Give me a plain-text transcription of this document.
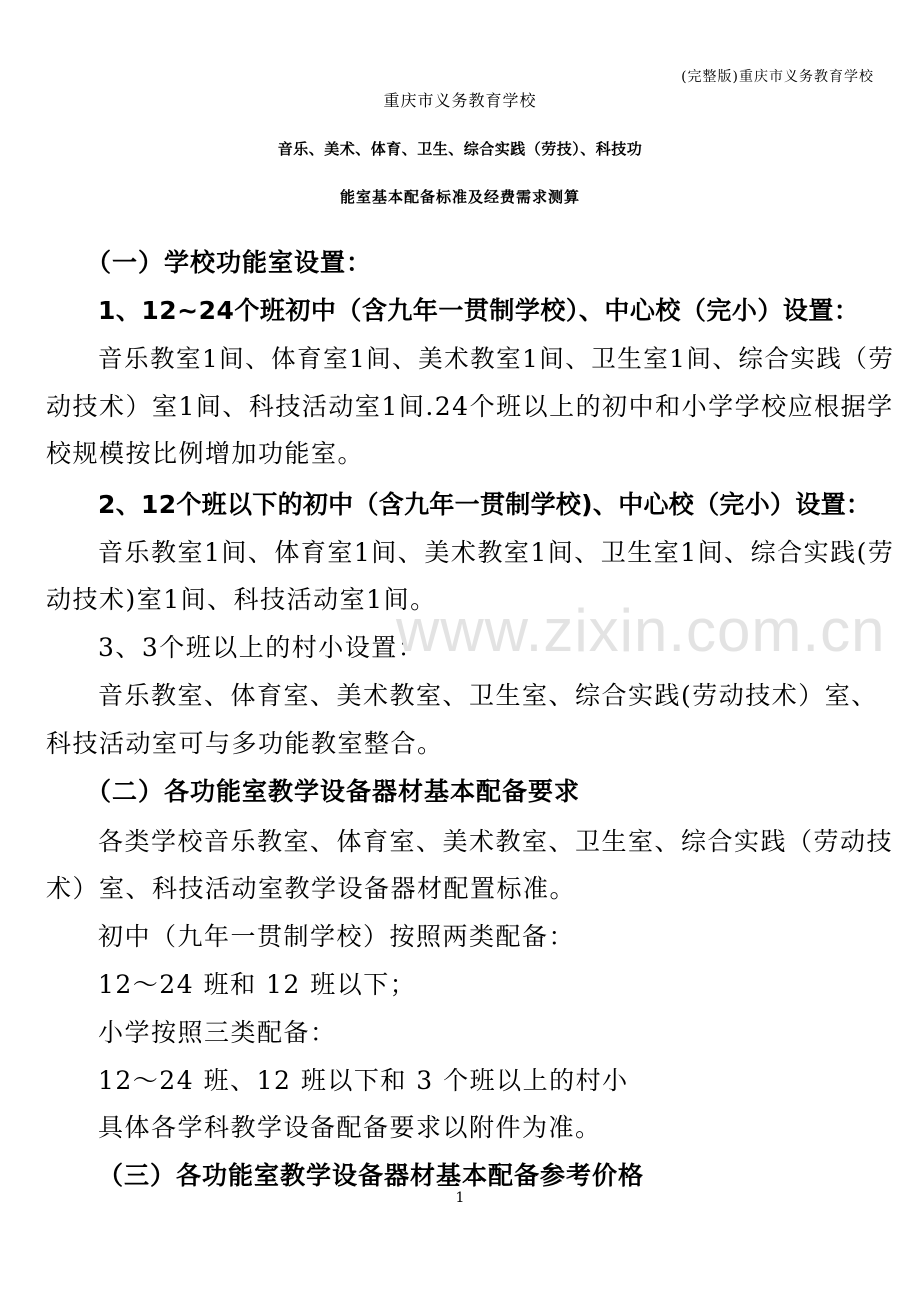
(完整版)重庆市义务教育学校
重庆市义务教育学校
音乐、美术、体育、卫生、综合实践（劳技）、科技功
能室基本配备标准及经费需求测算
（一）学校功能室设置：
1、12~24个班初中（含九年一贯制学校）、中心校（完小）设置：
音乐教室1间、体育室1间、美术教室1间、卫生室1间、综合实践（劳
动技术）室1间、科技活动室1间.24个班以上的初中和小学学校应根据学
校规模按比例增加功能室。
2、12个班以下的初中（含九年一贯制学校)、中心校（完小）设置：
音乐教室1间、体育室1间、美术教室1间、卫生室1间、综合实践(劳
动技术)室1间、科技活动室1间。
3、3个班以上的村小设置：
音乐教室、体育室、美术教室、卫生室、综合实践(劳动技术）室、
科技活动室可与多功能教室整合。
（二）各功能室教学设备器材基本配备要求
各类学校音乐教室、体育室、美术教室、卫生室、综合实践（劳动技
术）室、科技活动室教学设备器材配置标准。
初中（九年一贯制学校）按照两类配备：
12～24 班和 12 班以下；
小学按照三类配备：
12～24 班、12 班以下和 3 个班以上的村小
具体各学科教学设备配备要求以附件为准。
（三）各功能室教学设备器材基本配备参考价格
www.zixin.com.cn
1
